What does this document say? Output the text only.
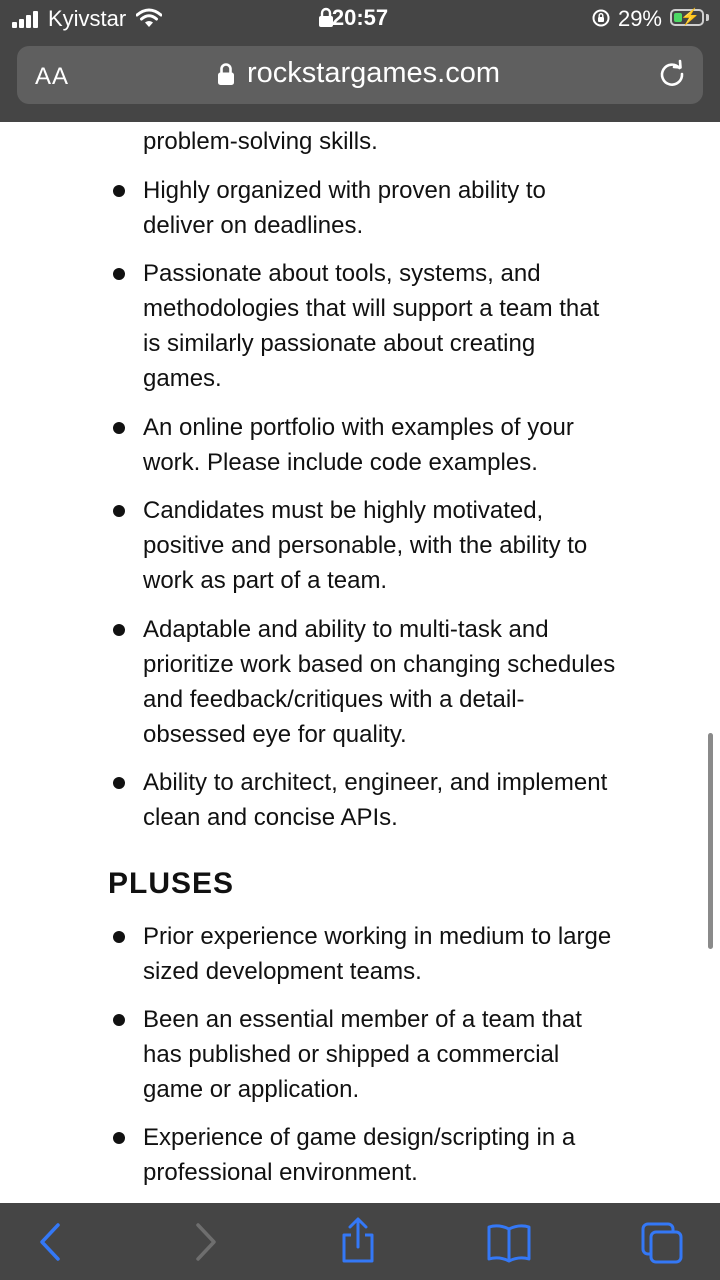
Kyivstar	20:57	29% ⚡
AA	rockstargames.com
problem-solving skills.
Highly organized with proven ability to deliver on deadlines.
Passionate about tools, systems, and methodologies that will support a team that is similarly passionate about creating games.
An online portfolio with examples of your work. Please include code examples.
Candidates must be highly motivated, positive and personable, with the ability to work as part of a team.
Adaptable and ability to multi-task and prioritize work based on changing schedules and feedback/critiques with a detail-obsessed eye for quality.
Ability to architect, engineer, and implement clean and concise APIs.
PLUSES
Prior experience working in medium to large sized development teams.
Been an essential member of a team that has published or shipped a commercial game or application.
Experience of game design/scripting in a professional environment.
